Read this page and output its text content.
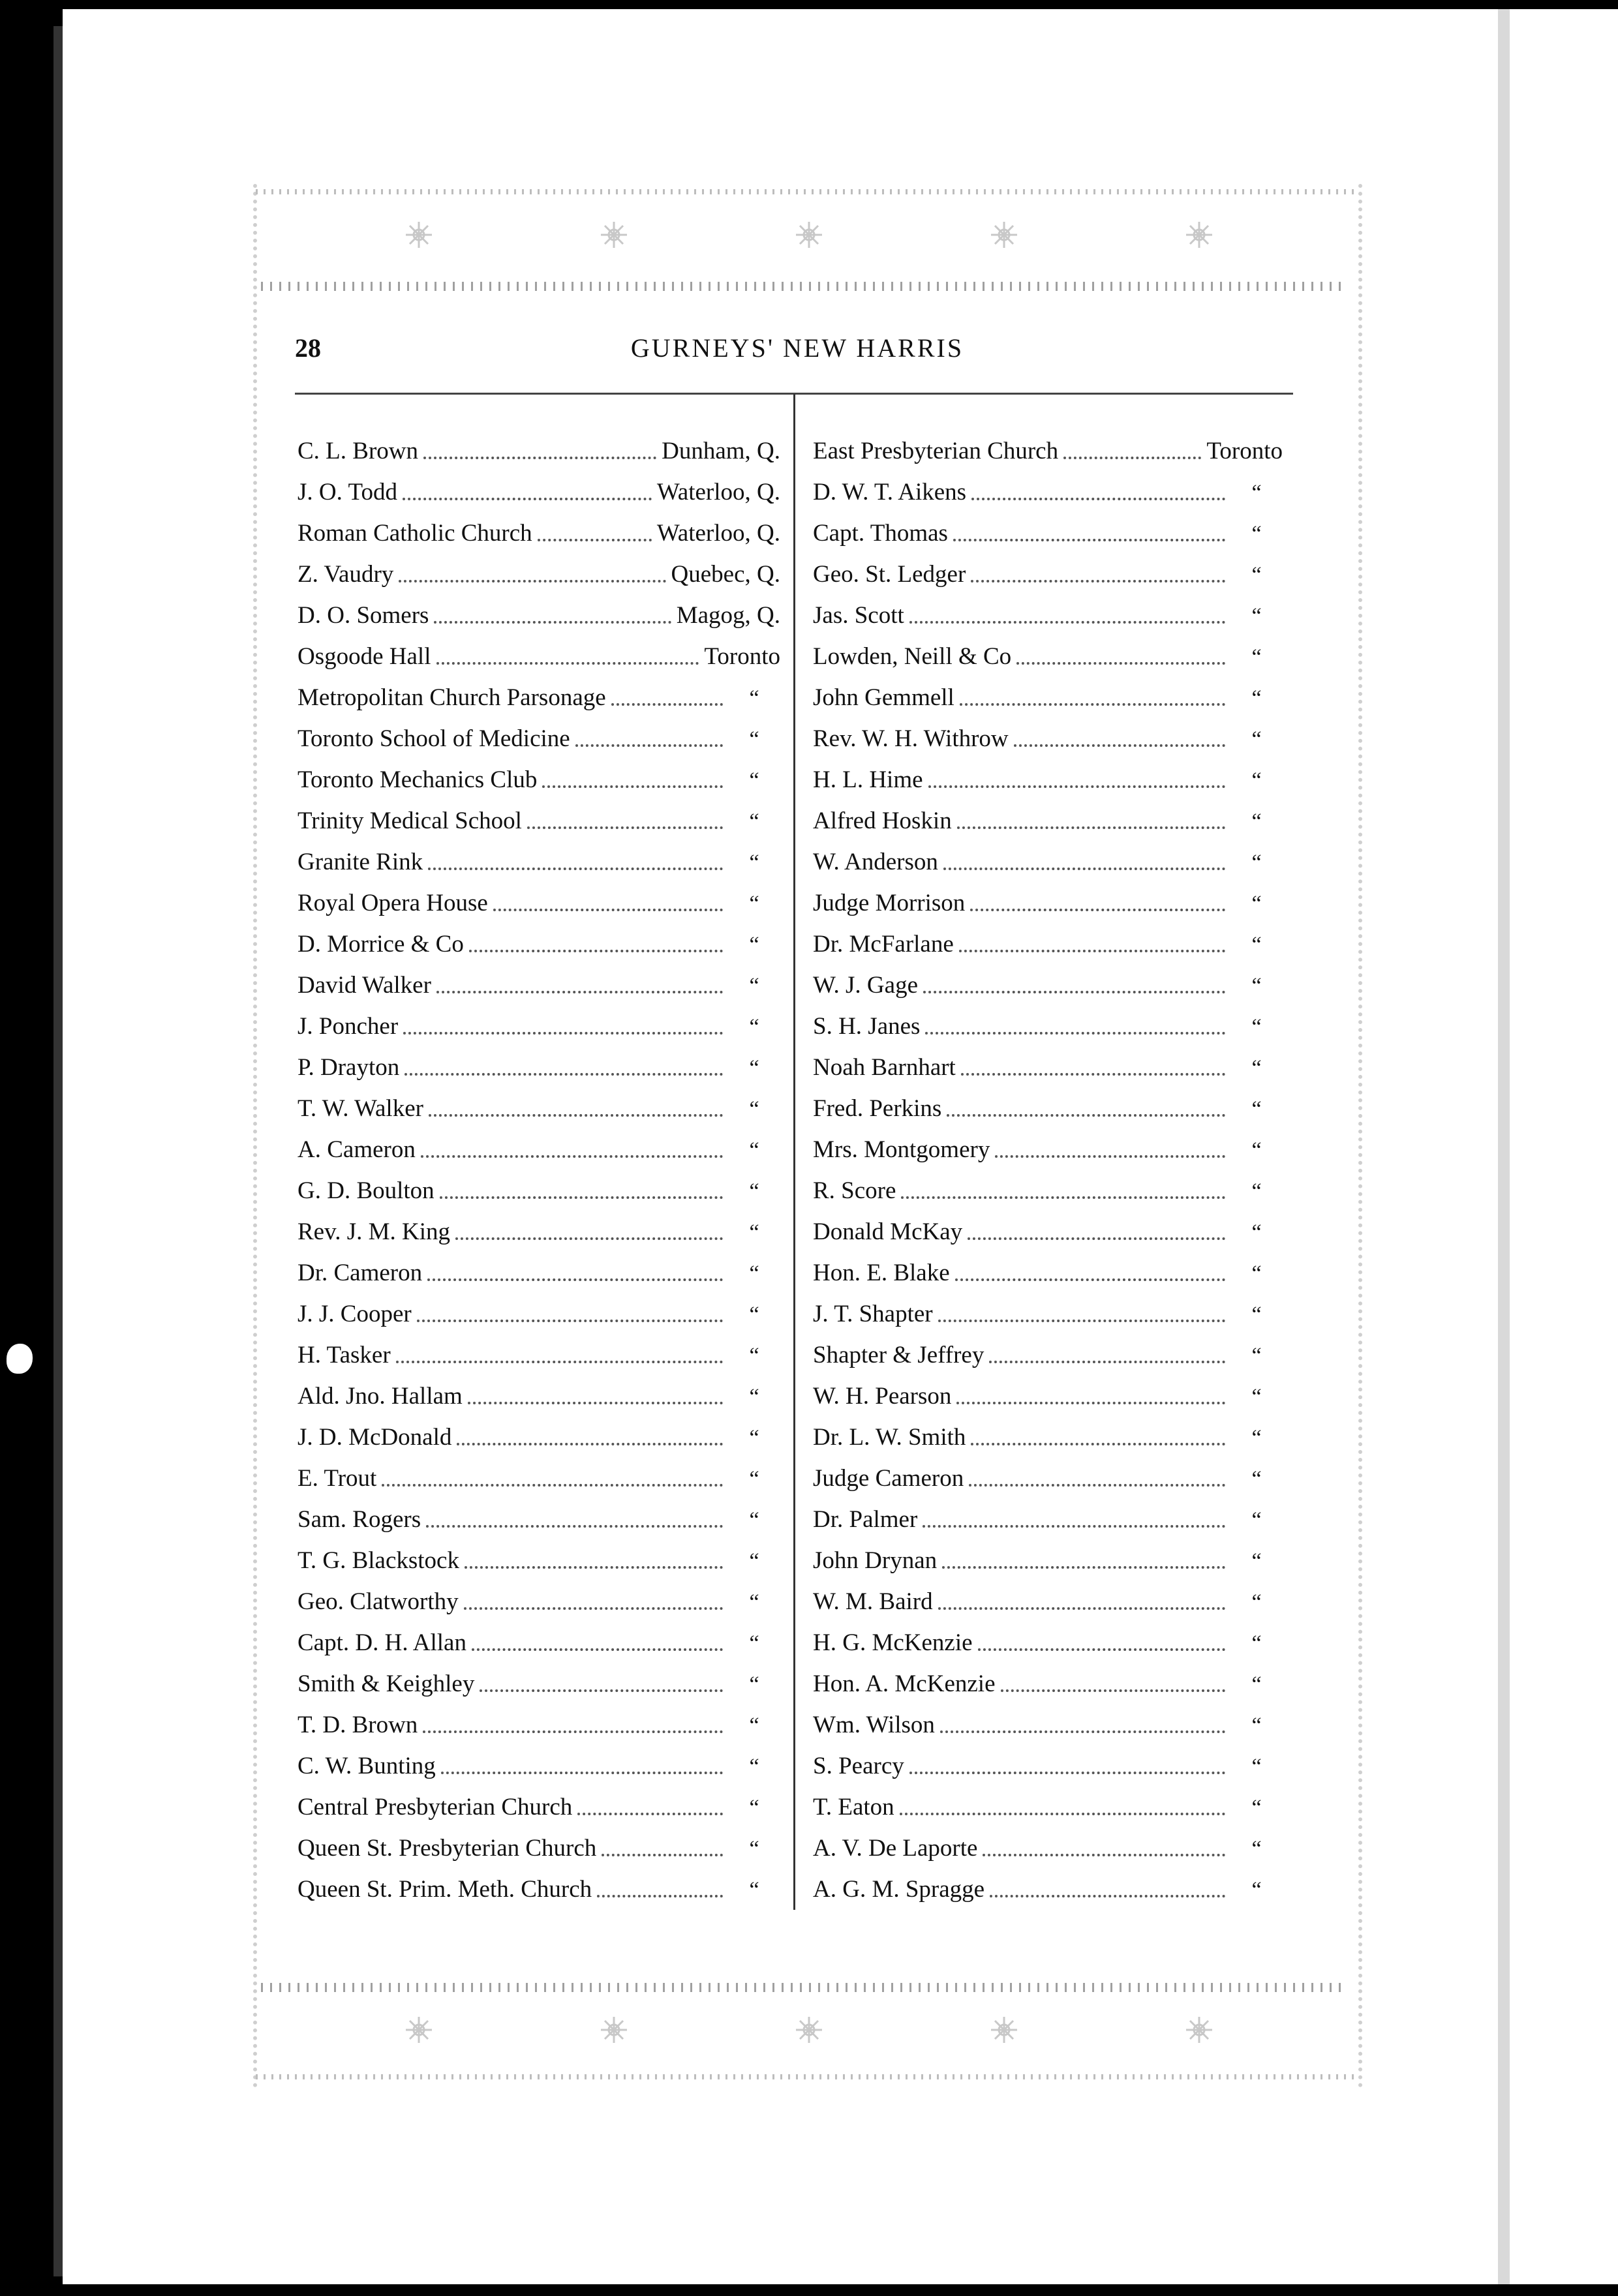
28	GURNEYS' NEW HARRIS
C. L. Brown	Dunham, Q.
J. O. Todd	Waterloo, Q.
Roman Catholic Church	Waterloo, Q.
Z. Vaudry	Quebec, Q.
D. O. Somers	Magog, Q.
Osgoode Hall	Toronto
Metropolitan Church Parsonage	“
Toronto School of Medicine	“
Toronto Mechanics Club	“
Trinity Medical School	“
Granite Rink	“
Royal Opera House	“
D. Morrice & Co	“
David Walker	“
J. Poncher	“
P. Drayton	“
T. W. Walker	“
A. Cameron	“
G. D. Boulton	“
Rev. J. M. King	“
Dr. Cameron	“
J. J. Cooper	“
H. Tasker	“
Ald. Jno. Hallam	“
J. D. McDonald	“
E. Trout	“
Sam. Rogers	“
T. G. Blackstock	“
Geo. Clatworthy	“
Capt. D. H. Allan	“
Smith & Keighley	“
T. D. Brown	“
C. W. Bunting	“
Central Presbyterian Church	“
Queen St. Presbyterian Church	“
Queen St. Prim. Meth. Church	“
East Presbyterian Church	Toronto
D. W. T. Aikens	“
Capt. Thomas	“
Geo. St. Ledger	“
Jas. Scott	“
Lowden, Neill & Co	“
John Gemmell	“
Rev. W. H. Withrow	“
H. L. Hime	“
Alfred Hoskin	“
W. Anderson	“
Judge Morrison	“
Dr. McFarlane	“
W. J. Gage	“
S. H. Janes	“
Noah Barnhart	“
Fred. Perkins	“
Mrs. Montgomery	“
R. Score	“
Donald McKay	“
Hon. E. Blake	“
J. T. Shapter	“
Shapter & Jeffrey	“
W. H. Pearson	“
Dr. L. W. Smith	“
Judge Cameron	“
Dr. Palmer	“
John Drynan	“
W. M. Baird	“
H. G. McKenzie	“
Hon. A. McKenzie	“
Wm. Wilson	“
S. Pearcy	“
T. Eaton	“
A. V. De Laporte	“
A. G. M. Spragge	“
